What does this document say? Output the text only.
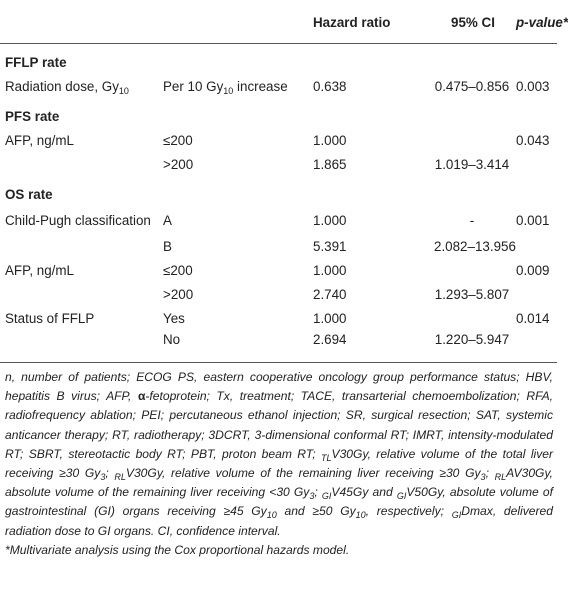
		Hazard ratio	95% CI	p-value*
FFLP rate				
Radiation dose, $Gy_{10}$	Per 10 $Gy_{10}$ increase	0.638	0.475–0.856	0.003
PFS rate				
AFP, ng/mL	≤200	1.000		0.043
	>200	1.865	1.019–3.414	
OS rate				

Child-Pugh classification	A	1.000	-	0.001
	B	5.391	2.082–13.956	
AFP, ng/mL	≤200	1.000		0.009
	>200	2.740	1.293–5.807	
Status of FFLP	Yes	1.000		0.014
	No	2.694	1.220–5.947	

n, number of patients; ECOG PS, eastern cooperative oncology group performance status; HBV, hepatitis B virus; AFP, α-fetoprotein; Tx, treatment; TACE, transarterial chemoembolization; RFA, radiofrequency ablation; PEI; percutaneous ethanol injection; SR, surgical resection; SAT, systemic anticancer therapy; RT, radiotherapy; 3DCRT, 3-dimensional conformal RT; IMRT, intensity-modulated RT; SBRT, stereotactic body RT; PBT, proton beam RT; $_{TL}$V30Gy, relative volume of the total liver receiving ≥30 $Gy_3$; $_{RL}$V30Gy, relative volume of the remaining liver receiving ≥30 $Gy_3$; $_{RL}$AV30Gy, absolute volume of the remaining liver receiving <30 $Gy_3$; $_{GI}$V45Gy and $_{GI}$V50Gy, absolute volume of gastrointestinal (GI) organs receiving ≥45 $Gy_{10}$ and ≥50 $Gy_{10}$, respectively; $_{GI}$Dmax, delivered radiation dose to GI organs. CI, confidence interval.

*Multivariate analysis using the Cox proportional hazards model.
